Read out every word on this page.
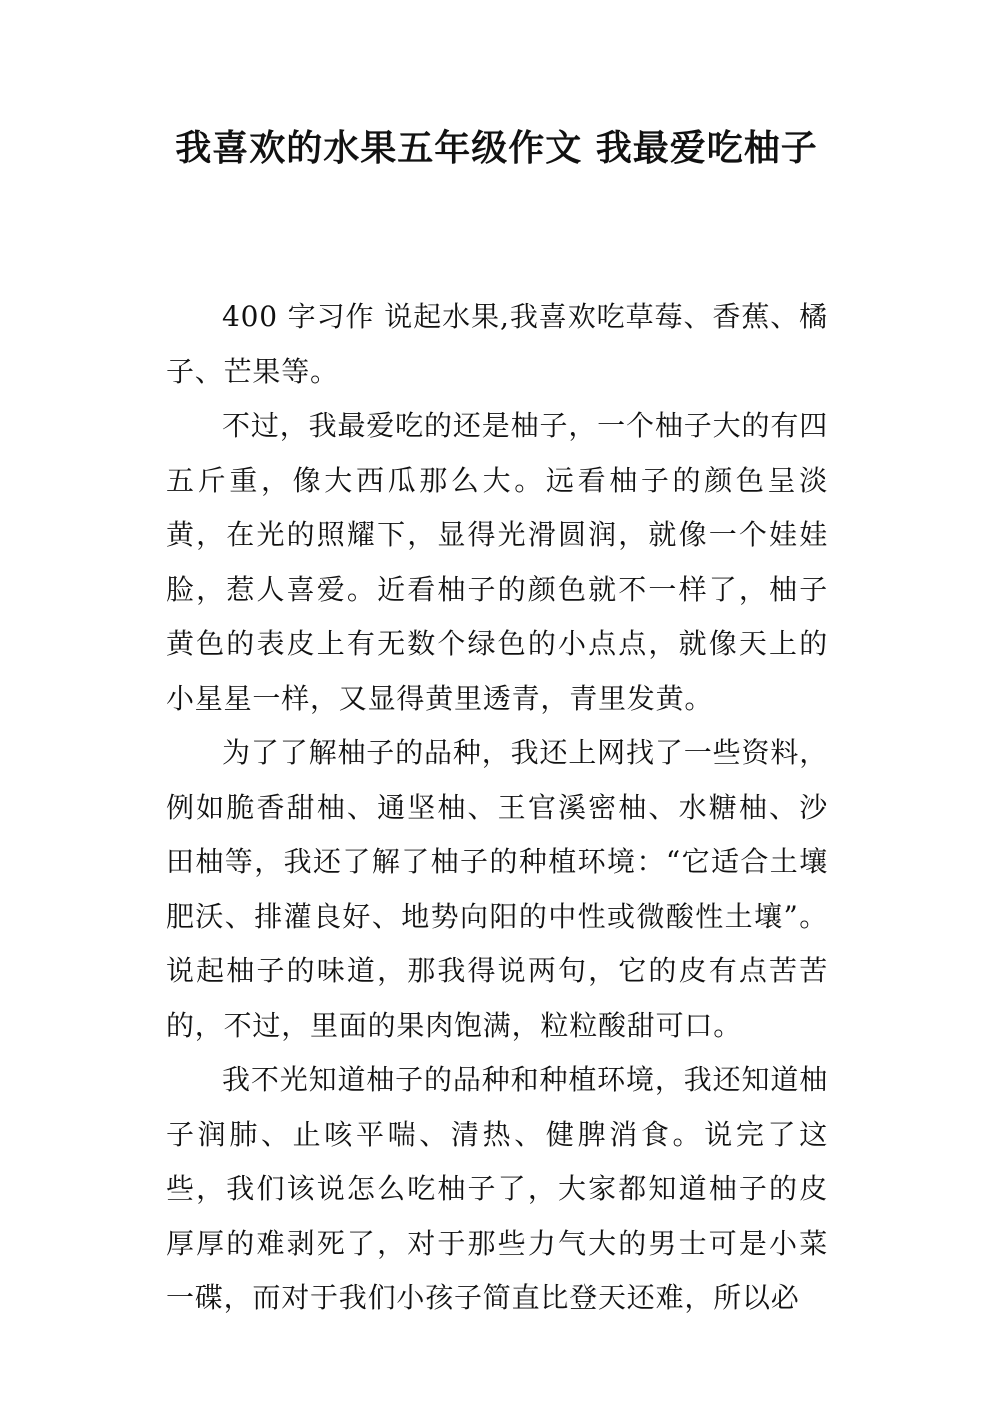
我喜欢的水果五年级作文 我最爱吃柚子

400 字习作 说起水果,我喜欢吃草莓、香蕉、橘子、芒果等。

不过，我最爱吃的还是柚子，一个柚子大的有四五斤重，像大西瓜那么大。远看柚子的颜色呈淡黄，在光的照耀下，显得光滑圆润，就像一个娃娃脸，惹人喜爱。近看柚子的颜色就不一样了，柚子黄色的表皮上有无数个绿色的小点点，就像天上的小星星一样，又显得黄里透青，青里发黄。

为了了解柚子的品种，我还上网找了一些资料，例如脆香甜柚、通坚柚、王官溪密柚、水糖柚、沙田柚等，我还了解了柚子的种植环境：“它适合土壤肥沃、排灌良好、地势向阳的中性或微酸性土壤”。说起柚子的味道，那我得说两句，它的皮有点苦苦的，不过，里面的果肉饱满，粒粒酸甜可口。

我不光知道柚子的品种和种植环境，我还知道柚子润肺、止咳平喘、清热、健脾消食。说完了这些，我们该说怎么吃柚子了，大家都知道柚子的皮厚厚的难剥死了，对于那些力气大的男士可是小菜一碟，而对于我们小孩子简直比登天还难，所以必
